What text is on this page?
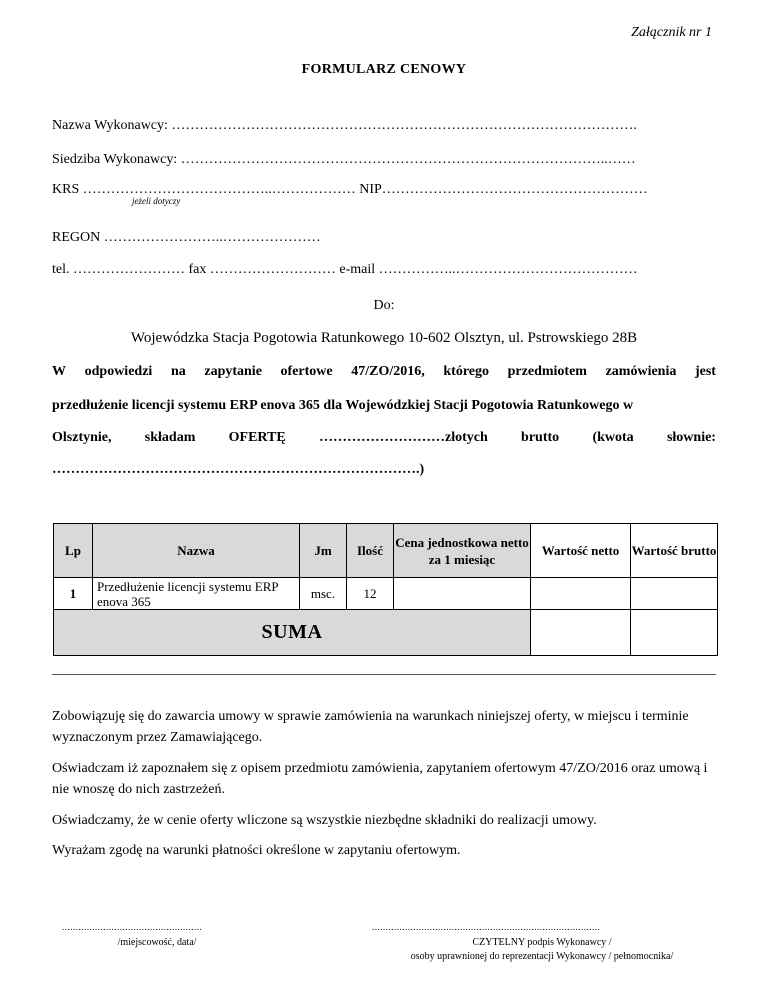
Załącznik nr 1
FORMULARZ CENOWY
Nazwa Wykonawcy: ……………………………………………………………………………………….
Siedziba Wykonawcy: ………………………………………………………………………………..……
KRS …………………………………..……………… NIP…………………………………………………
jeżeli dotyczy
REGON ……………………..…………………
tel. …………………… fax ……………………… e-mail ……………..…………………………………
Do:
Wojewódzka Stacja Pogotowia Ratunkowego 10-602 Olsztyn, ul. Pstrowskiego 28B
W odpowiedzi na zapytanie ofertowe 47/ZO/2016, którego przedmiotem zamówienia jest
przedłużenie licencji systemu ERP enova 365 dla Wojewódzkiej Stacji Pogotowia Ratunkowego w
Olsztynie, składam OFERTĘ ………………………złotych brutto (kwota słownie:
…………………………………………………………………….)
Lp	Nazwa	Jm	Ilość	Cena jednostkowa netto za 1 miesiąc	Wartość netto	Wartość brutto
1	Przedłużenie licencji systemu ERP enova 365	msc.	12			
SUMA						
Zobowiązuję się do zawarcia umowy w sprawie zamówienia na warunkach niniejszej oferty, w miejscu i terminie wyznaczonym przez Zamawiającego.
Oświadczam iż zapoznałem się z opisem przedmiotu zamówienia, zapytaniem ofertowym 47/ZO/2016 oraz umową i nie wnoszę do nich zastrzeżeń.
Oświadczamy, że w cenie oferty wliczone są wszystkie niezbędne składniki do realizacji umowy.
Wyrażam zgodę na warunki płatności określone w zapytaniu ofertowym.
...................................................
/miejscowość, data/
...................................................................................
CZYTELNY podpis Wykonawcy /
osoby uprawnionej do reprezentacji Wykonawcy / pełnomocnika/
